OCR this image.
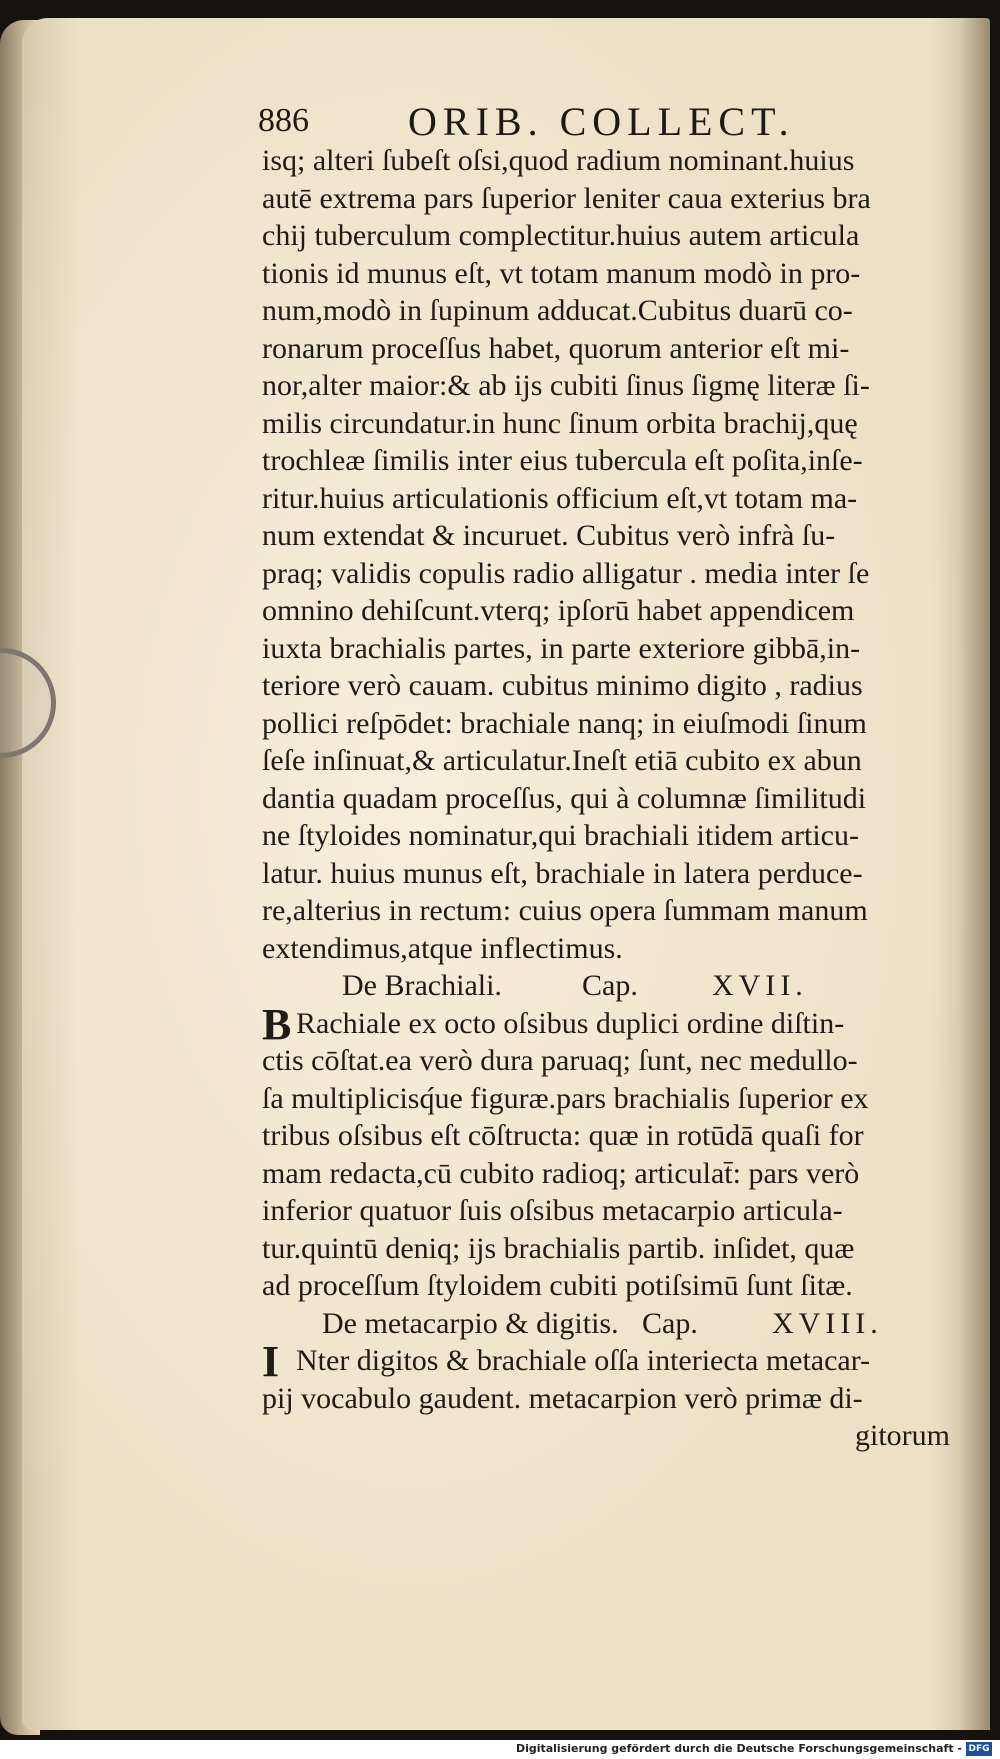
886 ORIB. COLLECT.
isq; alteri ſubeſt oſsi,quod radium nominant.huius
autē extrema pars ſuperior leniter caua exterius bra
chij tuberculum complectitur.huius autem articula
tionis id munus eſt, vt totam manum modò in pro-
num,modò in ſupinum adducat.Cubitus duarū co-
ronarum proceſſus habet, quorum anterior eſt mi-
nor,alter maior:& ab ijs cubiti ſinus ſigmę literæ ſi-
milis circundatur.in hunc ſinum orbita brachij,quę
trochleæ ſimilis inter eius tubercula eſt poſita,inſe-
ritur.huius articulationis officium eſt,vt totam ma-
num extendat & incuruet. Cubitus verò infrà ſu-
praq; validis copulis radio alligatur . media inter ſe
omnino dehiſcunt.vterq; ipſorū habet appendicem
iuxta brachialis partes, in parte exteriore gibbā,in-
teriore verò cauam. cubitus minimo digito , radius
pollici reſpōdet: brachiale nanq; in eiuſmodi ſinum
ſeſe inſinuat,& articulatur.Ineſt etiā cubito ex abun
dantia quadam proceſſus, qui à columnæ ſimilitudi
ne ſtyloides nominatur,qui brachiali itidem articu-
latur. huius munus eſt, brachiale in latera perduce-
re,alterius in rectum: cuius opera ſummam manum
extendimus,atque inflectimus.
De Brachiali.	Cap.	XVII.
B Rachiale ex octo oſsibus duplici ordine diſtin-
ctis cōſtat.ea verò dura paruaq; ſunt, nec medullo-
ſa multiplicisq́ue figuræ.pars brachialis ſuperior ex
tribus oſsibus eſt cōſtructa: quæ in rotūdā quaſi for
mam redacta,cū cubito radioq; articulat̄: pars verò
inferior quatuor ſuis oſsibus metacarpio articula-
tur.quintū deniq; ijs brachialis partib. inſidet, quæ
ad proceſſum ſtyloidem cubiti potiſsimū ſunt ſitæ.
De metacarpio & digitis. Cap.	XVIII.
I Nter digitos & brachiale oſſa interiecta metacar-
pij vocabulo gaudent. metacarpion verò primæ di-
gitorum
Digitalisierung gefördert durch die Deutsche Forschungsgemeinschaft - DFG
